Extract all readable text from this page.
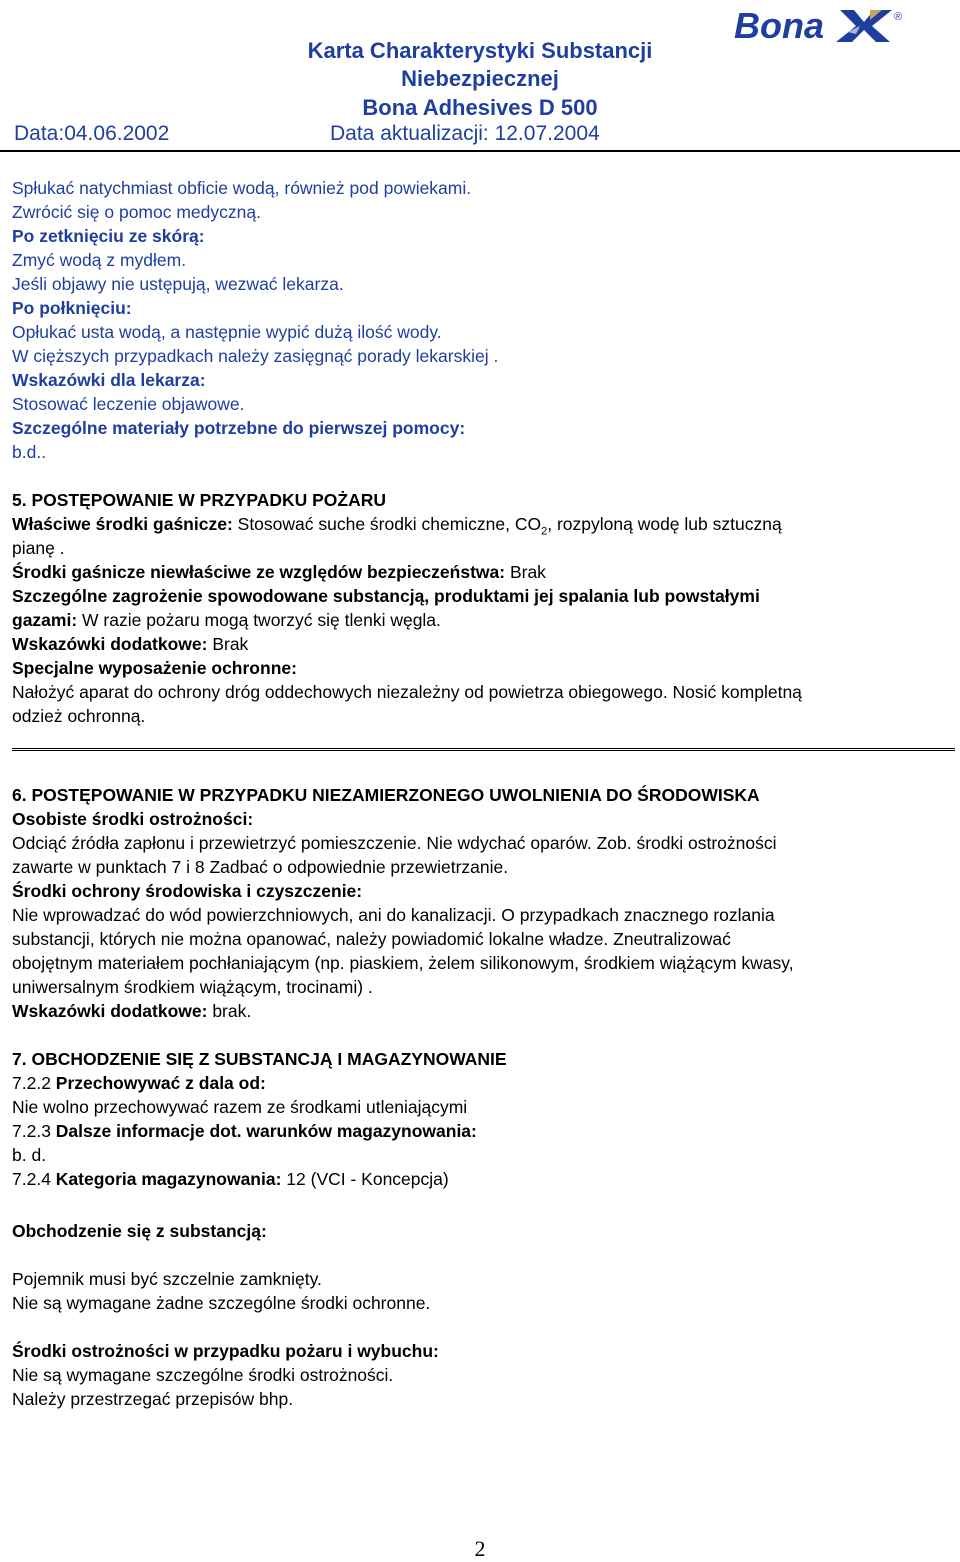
Bona	®
Karta Charakterystyki Substancji
Niebezpiecznej
Bona Adhesives D 500
Data:04.06.2002	Data aktualizacji: 12.07.2004
Spłukać natychmiast obficie wodą, również pod powiekami.
Zwrócić się o pomoc medyczną.
Po zetknięciu ze skórą:
Zmyć wodą z mydłem.
Jeśli objawy nie ustępują, wezwać lekarza.
Po połknięciu:
Opłukać usta wodą, a następnie wypić dużą ilość wody.
W cięższych przypadkach należy zasięgnąć porady lekarskiej .
Wskazówki dla lekarza:
Stosować leczenie objawowe.
Szczególne materiały potrzebne do pierwszej pomocy:
b.d..
5. POSTĘPOWANIE W PRZYPADKU POŻARU
Właściwe środki gaśnicze: Stosować suche środki chemiczne, $CO_2$, rozpyloną wodę lub sztuczną
pianę .
Środki gaśnicze niewłaściwe ze względów bezpieczeństwa: Brak
Szczególne zagrożenie spowodowane substancją, produktami jej spalania lub powstałymi
gazami: W razie pożaru mogą tworzyć się tlenki węgla.
Wskazówki dodatkowe: Brak
Specjalne wyposażenie ochronne:
Nałożyć aparat do ochrony dróg oddechowych niezależny od powietrza obiegowego. Nosić kompletną
odzież ochronną.
6. POSTĘPOWANIE W PRZYPADKU NIEZAMIERZONEGO UWOLNIENIA DO ŚRODOWISKA
Osobiste środki ostrożności:
Odciąć źródła zapłonu i przewietrzyć pomieszczenie. Nie wdychać oparów. Zob. środki ostrożności
zawarte w punktach 7 i 8 Zadbać o odpowiednie przewietrzanie.
Środki ochrony środowiska i czyszczenie:
Nie wprowadzać do wód powierzchniowych, ani do kanalizacji. O przypadkach znacznego rozlania
substancji, których nie można opanować, należy powiadomić lokalne władze. Zneutralizować
obojętnym materiałem pochłaniającym (np. piaskiem, żelem silikonowym, środkiem wiążącym kwasy,
uniwersalnym środkiem wiążącym, trocinami) .
Wskazówki dodatkowe: brak.
7. OBCHODZENIE SIĘ Z SUBSTANCJĄ I MAGAZYNOWANIE
7.2.2 Przechowywać z dala od:
Nie wolno przechowywać razem ze środkami utleniającymi
7.2.3 Dalsze informacje dot. warunków magazynowania:
b. d.
7.2.4 Kategoria magazynowania: 12 (VCI - Koncepcja)
Obchodzenie się z substancją:
Pojemnik musi być szczelnie zamknięty.
Nie są wymagane żadne szczególne środki ochronne.
Środki ostrożności w przypadku pożaru i wybuchu:
Nie są wymagane szczególne środki ostrożności.
Należy przestrzegać przepisów bhp.
2
